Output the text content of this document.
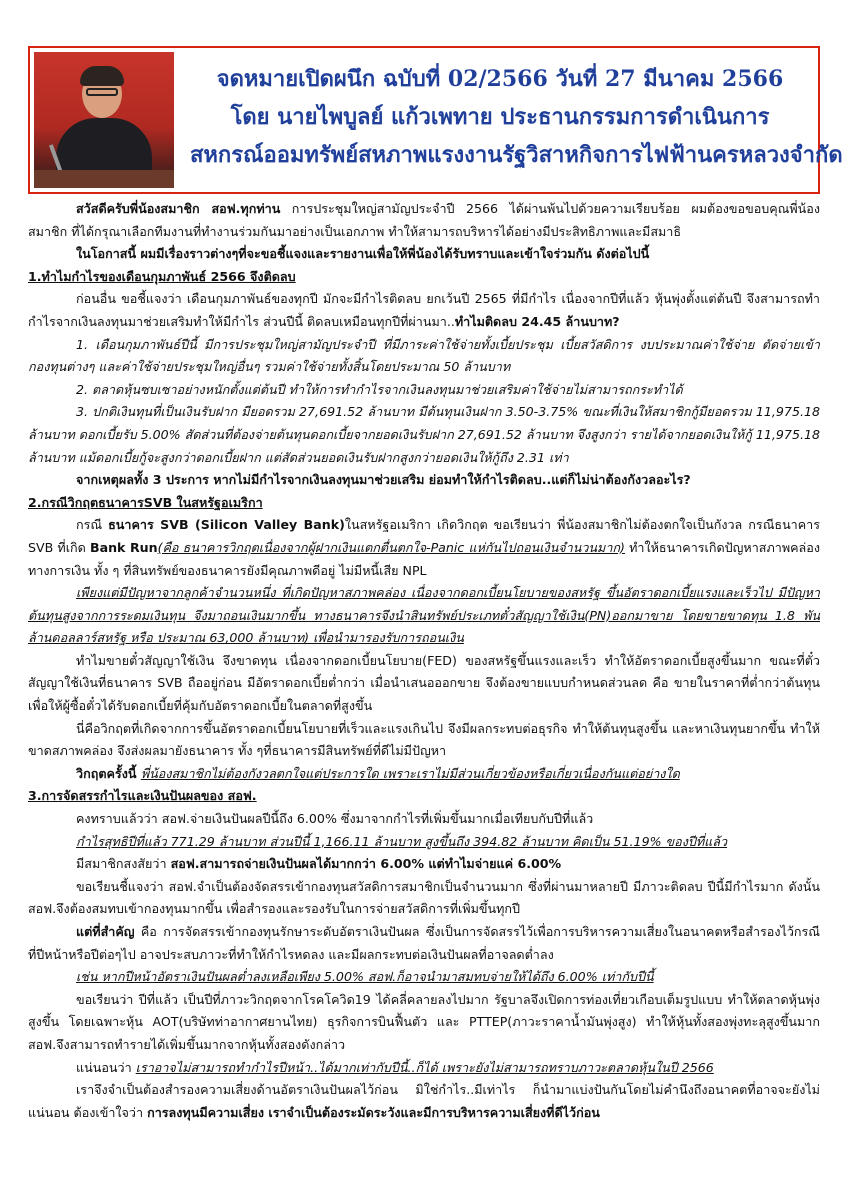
จดหมายเปิดผนึก ฉบับที่ 02/2566 วันที่ 27 มีนาคม 2566
โดย นายไพบูลย์ แก้วเพทาย ประธานกรรมการดำเนินการ
สหกรณ์ออมทรัพย์สหภาพแรงงานรัฐวิสาหกิจการไฟฟ้านครหลวงจำกัด

สวัสดีครับพี่น้องสมาชิก สอฟ.ทุกท่าน การประชุมใหญ่สามัญประจำปี 2566 ได้ผ่านพ้นไปด้วยความเรียบร้อย ผมต้องขอขอบคุณพี่น้องสมาชิก ที่ได้กรุณาเลือกทีมงานที่ทำงานร่วมกันมาอย่างเป็นเอกภาพ ทำให้สามารถบริหารได้อย่างมีประสิทธิภาพและมีสมาธิ

ในโอกาสนี้ ผมมีเรื่องราวต่างๆที่จะขอชี้แจงและรายงานเพื่อให้พี่น้องได้รับทราบและเข้าใจร่วมกัน ดังต่อไปนี้

1.ทำไมกำไรของเดือนกุมภาพันธ์ 2566 จึงติดลบ

ก่อนอื่น ขอชี้แจงว่า เดือนกุมภาพันธ์ของทุกปี มักจะมีกำไรติดลบ ยกเว้นปี 2565 ที่มีกำไร เนื่องจากปีที่แล้ว หุ้นพุ่งตั้งแต่ต้นปี จึงสามารถทำกำไรจากเงินลงทุนมาช่วยเสริมทำให้มีกำไร ส่วนปีนี้ ติดลบเหมือนทุกปีที่ผ่านมา..ทำไมติดลบ 24.45 ล้านบาท?

1. เดือนกุมภาพันธ์ปีนี้ มีการประชุมใหญ่สามัญประจำปี ที่มีภาระค่าใช้จ่ายทั้งเบี้ยประชุม เบี้ยสวัสดิการ งบประมาณค่าใช้จ่าย ตัดจ่ายเข้ากองทุนต่างๆ และค่าใช้จ่ายประชุมใหญ่อื่นๆ รวมค่าใช้จ่ายทั้งสิ้นโดยประมาณ 50 ล้านบาท

2. ตลาดหุ้นซบเซาอย่างหนักตั้งแต่ต้นปี ทำให้การทำกำไรจากเงินลงทุนมาช่วยเสริมค่าใช้จ่ายไม่สามารถกระทำได้

3. ปกติเงินทุนที่เป็นเงินรับฝาก มียอดรวม 27,691.52 ล้านบาท มีต้นทุนเงินฝาก 3.50-3.75% ขณะที่เงินให้สมาชิกกู้มียอดรวม 11,975.18 ล้านบาท ดอกเบี้ยรับ 5.00% สัดส่วนที่ต้องจ่ายต้นทุนดอกเบี้ยจากยอดเงินรับฝาก 27,691.52 ล้านบาท จึงสูงกว่า รายได้จากยอดเงินให้กู้ 11,975.18 ล้านบาท แม้ดอกเบี้ยกู้จะสูงกว่าดอกเบี้ยฝาก แต่สัดส่วนยอดเงินรับฝากสูงกว่ายอดเงินให้กู้ถึง 2.31 เท่า

จากเหตุผลทั้ง 3 ประการ หากไม่มีกำไรจากเงินลงทุนมาช่วยเสริม ย่อมทำให้กำไรติดลบ..แต่ก็ไม่น่าต้องกังวลอะไร?

2.กรณีวิกฤตธนาคารSVB ในสหรัฐอเมริกา

กรณี ธนาคาร SVB (Silicon Valley Bank)ในสหรัฐอเมริกา เกิดวิกฤต ขอเรียนว่า พี่น้องสมาชิกไม่ต้องตกใจเป็นกังวล กรณีธนาคาร SVB ที่เกิด Bank Run(คือ ธนาคารวิกฤตเนื่องจากผู้ฝากเงินแตกตื่นตกใจ-Panic แห่กันไปถอนเงินจำนวนมาก) ทำให้ธนาคารเกิดปัญหาสภาพคล่องทางการเงิน ทั้ง ๆ ที่สินทรัพย์ของธนาคารยังมีคุณภาพดีอยู่ ไม่มีหนี้เสีย NPL

เพียงแต่มีปัญหาจากลูกค้าจำนวนหนึ่ง ที่เกิดปัญหาสภาพคล่อง เนื่องจากดอกเบี้ยนโยบายของสหรัฐ ขึ้นอัตราดอกเบี้ยแรงและเร็วไป มีปัญหาต้นทุนสูงจากการระดมเงินทุน จึงมาถอนเงินมากขึ้น ทางธนาคารจึงนำสินทรัพย์ประเภทตั๋วสัญญาใช้เงิน(PN)ออกมาขาย โดยขายขาดทุน 1.8 พันล้านดอลลาร์สหรัฐ หรือ ประมาณ 63,000 ล้านบาท) เพื่อนำมารองรับการถอนเงิน

ทำไมขายตั๋วสัญญาใช้เงิน จึงขาดทุน เนื่องจากดอกเบี้ยนโยบาย(FED) ของสหรัฐขึ้นแรงและเร็ว ทำให้อัตราดอกเบี้ยสูงขึ้นมาก ขณะที่ตั๋วสัญญาใช้เงินที่ธนาคาร SVB ถืออยู่ก่อน มีอัตราดอกเบี้ยต่ำกว่า เมื่อนำเสนอออกขาย จึงต้องขายแบบกำหนดส่วนลด คือ ขายในราคาที่ต่ำกว่าต้นทุน เพื่อให้ผู้ซื้อตั๋วได้รับดอกเบี้ยที่คุ้มกับอัตราดอกเบี้ยในตลาดที่สูงขึ้น

นี่คือวิกฤตที่เกิดจากการขึ้นอัตราดอกเบี้ยนโยบายที่เร็วและแรงเกินไป จึงมีผลกระทบต่อธุรกิจ ทำให้ต้นทุนสูงขึ้น และหาเงินทุนยากขึ้น ทำให้ขาดสภาพคล่อง จึงส่งผลมายังธนาคาร ทั้ง ๆที่ธนาคารมีสินทรัพย์ที่ดีไม่มีปัญหา

วิกฤตครั้งนี้ พี่น้องสมาชิกไม่ต้องกังวลตกใจแต่ประการใด เพราะเราไม่มีส่วนเกี่ยวข้องหรือเกี่ยวเนื่องกันแต่อย่างใด

3.การจัดสรรกำไรและเงินปันผลของ สอฟ.

คงทราบแล้วว่า สอฟ.จ่ายเงินปันผลปีนี้ถึง 6.00% ซึ่งมาจากกำไรที่เพิ่มขึ้นมากเมื่อเทียบกับปีที่แล้ว

กำไรสุทธิปีที่แล้ว 771.29 ล้านบาท ส่วนปีนี้ 1,166.11 ล้านบาท สูงขึ้นถึง 394.82 ล้านบาท คิดเป็น 51.19% ของปีที่แล้ว

มีสมาชิกสงสัยว่า สอฟ.สามารถจ่ายเงินปันผลได้มากกว่า 6.00% แต่ทำไมจ่ายแค่ 6.00%

ขอเรียนชี้แจงว่า สอฟ.จำเป็นต้องจัดสรรเข้ากองทุนสวัสดิการสมาชิกเป็นจำนวนมาก ซึ่งที่ผ่านมาหลายปี มีภาวะติดลบ ปีนี้มีกำไรมาก ดังนั้น สอฟ.จึงต้องสมทบเข้ากองทุนมากขึ้น เพื่อสำรองและรองรับในการจ่ายสวัสดิการที่เพิ่มขึ้นทุกปี

แต่ที่สำคัญ คือ การจัดสรรเข้ากองทุนรักษาระดับอัตราเงินปันผล ซึ่งเป็นการจัดสรรไว้เพื่อการบริหารความเสี่ยงในอนาคตหรือสำรองไว้กรณีที่ปีหน้าหรือปีต่อๆไป อาจประสบภาวะที่ทำให้กำไรหดลง และมีผลกระทบต่อเงินปันผลที่อาจลดต่ำลง

เช่น หากปีหน้าอัตราเงินปันผลต่ำลงเหลือเพียง 5.00% สอฟ.ก็อาจนำมาสมทบจ่ายให้ได้ถึง 6.00% เท่ากับปีนี้

ขอเรียนว่า ปีที่แล้ว เป็นปีที่ภาวะวิกฤตจากโรคโควิด19 ได้คลี่คลายลงไปมาก รัฐบาลจึงเปิดการท่องเที่ยวเกือบเต็มรูปแบบ ทำให้ตลาดหุ้นพุ่งสูงขึ้น โดยเฉพาะหุ้น AOT(บริษัทท่าอากาศยานไทย) ธุรกิจการบินฟื้นตัว และ PTTEP(ภาวะราคาน้ำมันพุ่งสูง) ทำให้หุ้นทั้งสองพุ่งทะลุสูงขึ้นมาก สอฟ.จึงสามารถทำรายได้เพิ่มขึ้นมากจากหุ้นทั้งสองดังกล่าว

แน่นอนว่า เราอาจไม่สามารถทำกำไรปีหน้า..ได้มากเท่ากับปีนี้..ก็ได้ เพราะยังไม่สามารถทราบภาวะตลาดหุ้นในปี 2566

เราจึงจำเป็นต้องสำรองความเสี่ยงด้านอัตราเงินปันผลไว้ก่อน มิใช่กำไร..มีเท่าไร ก็นำมาแบ่งปันกันโดยไม่คำนึงถึงอนาคตที่อาจจะยังไม่แน่นอน ต้องเข้าใจว่า การลงทุนมีความเสี่ยง เราจำเป็นต้องระมัดระวังและมีการบริหารความเสี่ยงที่ดีไว้ก่อน
